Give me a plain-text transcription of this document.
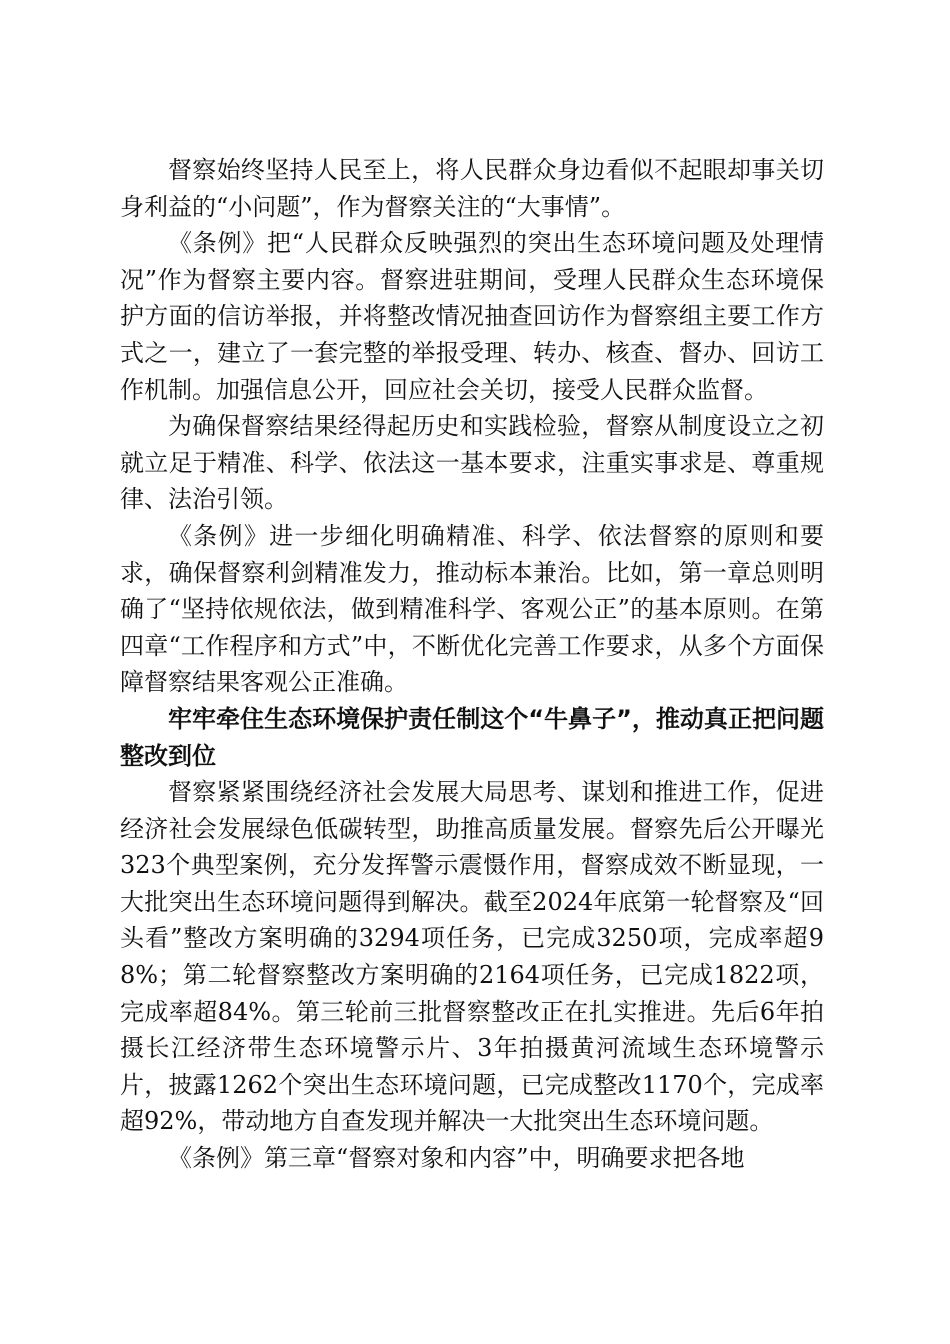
督察始终坚持人民至上，将人民群众身边看似不起眼却事关切身利益的“小问题”，作为督察关注的“大事情”。

《条例》把“人民群众反映强烈的突出生态环境问题及处理情况”作为督察主要内容。督察进驻期间，受理人民群众生态环境保护方面的信访举报，并将整改情况抽查回访作为督察组主要工作方式之一，建立了一套完整的举报受理、转办、核查、督办、回访工作机制。加强信息公开，回应社会关切，接受人民群众监督。

为确保督察结果经得起历史和实践检验，督察从制度设立之初就立足于精准、科学、依法这一基本要求，注重实事求是、尊重规律、法治引领。

《条例》进一步细化明确精准、科学、依法督察的原则和要求，确保督察利剑精准发力，推动标本兼治。比如，第一章总则明确了“坚持依规依法，做到精准科学、客观公正”的基本原则。在第四章“工作程序和方式”中，不断优化完善工作要求，从多个方面保障督察结果客观公正准确。

牢牢牵住生态环境保护责任制这个“牛鼻子”，推动真正把问题整改到位

督察紧紧围绕经济社会发展大局思考、谋划和推进工作，促进经济社会发展绿色低碳转型，助推高质量发展。督察先后公开曝光323个典型案例，充分发挥警示震慑作用，督察成效不断显现，一大批突出生态环境问题得到解决。截至2024年底第一轮督察及“回头看”整改方案明确的3294项任务，已完成3250项，完成率超98%；第二轮督察整改方案明确的2164项任务，已完成1822项，完成率超84%。第三轮前三批督察整改正在扎实推进。先后6年拍摄长江经济带生态环境警示片、3年拍摄黄河流域生态环境警示片，披露1262个突出生态环境问题，已完成整改1170个，完成率超92%，带动地方自查发现并解决一大批突出生态环境问题。

《条例》第三章“督察对象和内容”中，明确要求把各地
